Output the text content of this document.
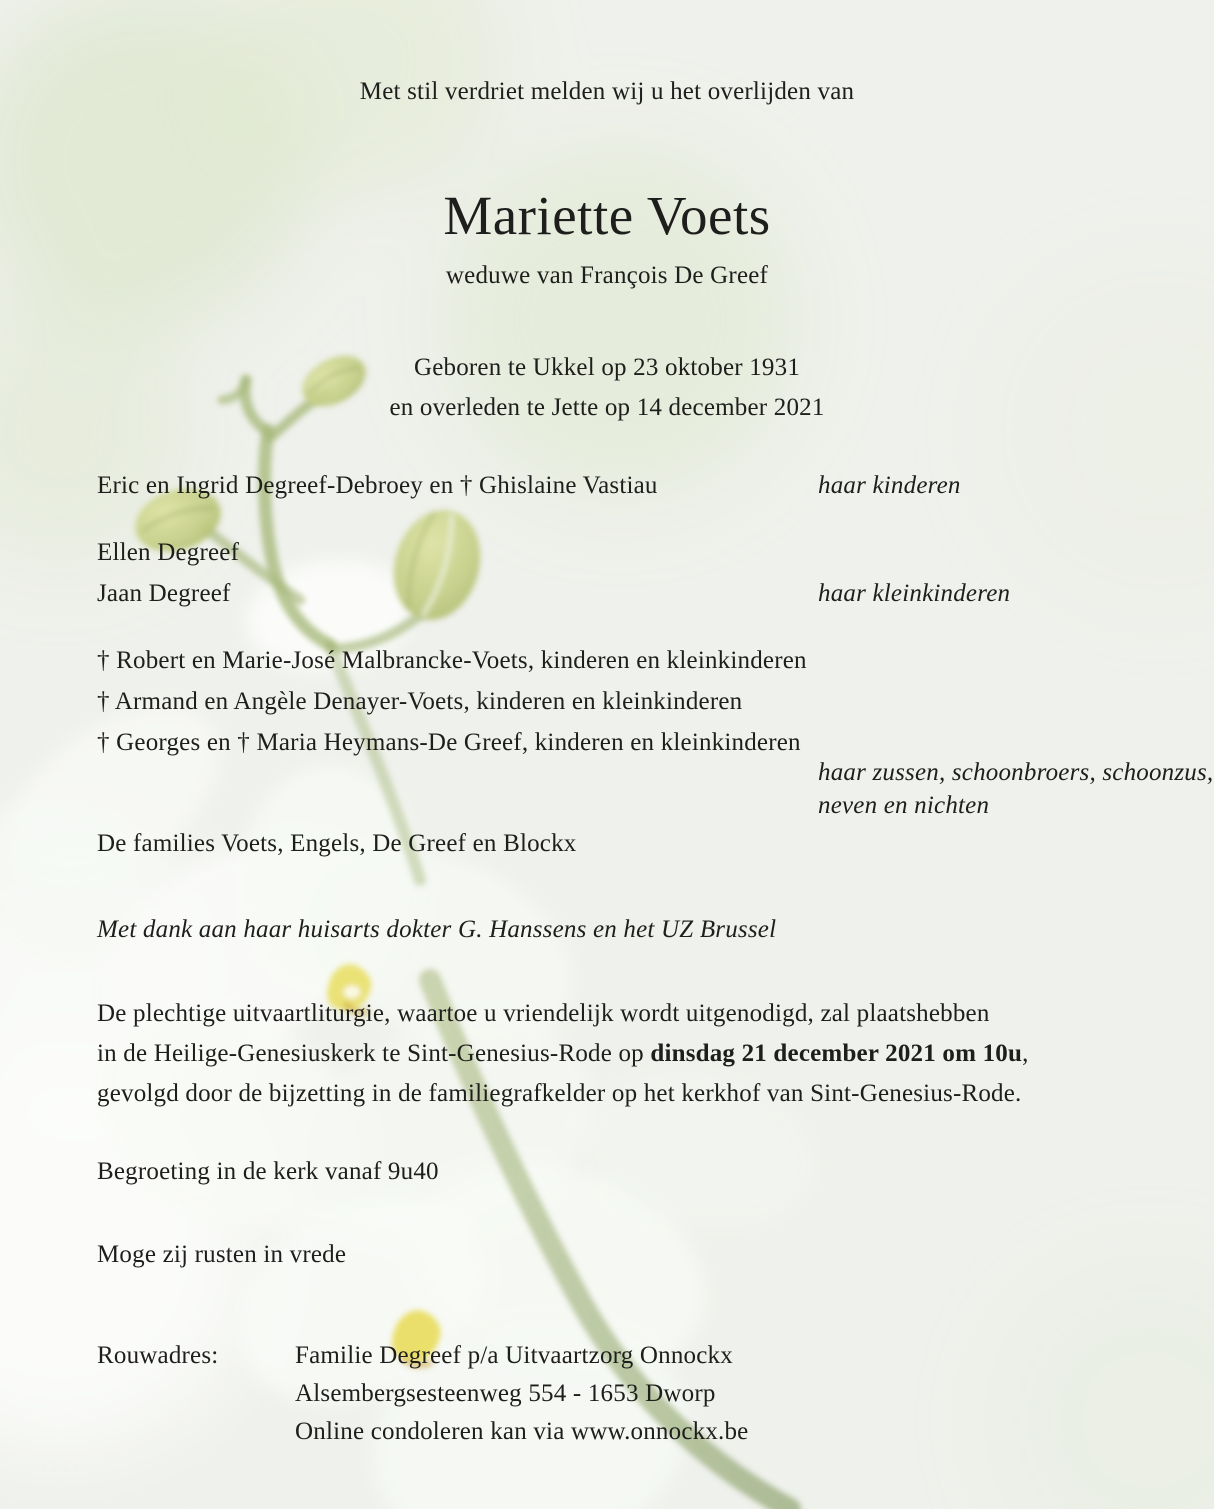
Met stil verdriet melden wij u het overlijden van
Mariette Voets
weduwe van François De Greef
Geboren te Ukkel op 23 oktober 1931
en overleden te Jette op 14 december 2021
Eric en Ingrid Degreef-Debroey en † Ghislaine Vastiau	haar kinderen
Ellen Degreef
Jaan Degreef	haar kleinkinderen
† Robert en Marie-José Malbrancke-Voets, kinderen en kleinkinderen
† Armand en Angèle Denayer-Voets, kinderen en kleinkinderen
† Georges en † Maria Heymans-De Greef, kinderen en kleinkinderen
haar zussen, schoonbroers, schoonzus,
neven en nichten
De families Voets, Engels, De Greef en Blockx
Met dank aan haar huisarts dokter G. Hanssens en het UZ Brussel
De plechtige uitvaartliturgie, waartoe u vriendelijk wordt uitgenodigd, zal plaatshebben
in de Heilige-Genesiuskerk te Sint-Genesius-Rode op dinsdag 21 december 2021 om 10u,
gevolgd door de bijzetting in de familiegrafkelder op het kerkhof van Sint-Genesius-Rode.
Begroeting in de kerk vanaf 9u40
Moge zij rusten in vrede
Rouwadres:	Familie Degreef p/a Uitvaartzorg Onnockx
Alsembergsesteenweg 554 - 1653 Dworp
Online condoleren kan via www.onnockx.be
